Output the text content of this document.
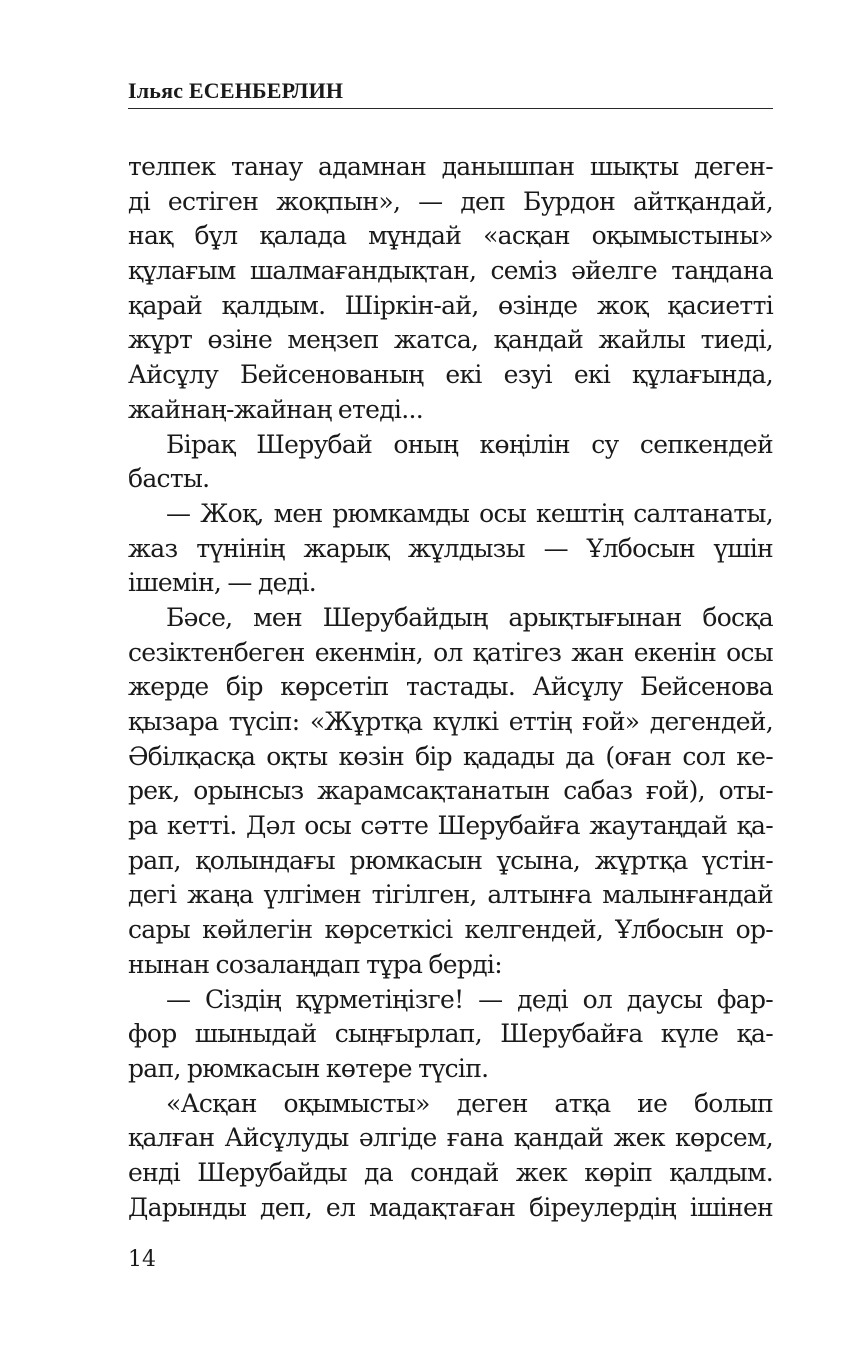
Ільяс ЕСЕНБЕРЛИН
телпек танау адамнан данышпан шықты деген-
ді естіген жоқпын», — деп Бурдон айтқандай,
нақ бұл қалада мұндай «асқан оқымыстыны»
құлағым шалмағандықтан, семіз әйелге таңдана
қарай қалдым. Шіркін-ай, өзінде жоқ қасиетті
жұрт өзіне меңзеп жатса, қандай жайлы тиеді,
Айсұлу Бейсенованың екі езуі екі құлағында,
жайнаң-жайнаң етеді...
Бірақ Шерубай оның көңілін су сепкендей
басты.
— Жоқ, мен рюмкамды осы кештің салтанаты,
жаз түнінің жарық жұлдызы — Ұлбосын үшін
ішемін, — деді.
Бәсе, мен Шерубайдың арықтығынан босқа
сезіктенбеген екенмін, ол қатігез жан екенін осы
жерде бір көрсетіп тастады. Айсұлу Бейсенова
қызара түсіп: «Жұртқа күлкі еттің ғой» дегендей,
Әбілқасқа оқты көзін бір қадады да (оған сол ке-
рек, орынсыз жарамсақтанатын сабаз ғой), оты-
ра кетті. Дәл осы сәтте Шерубайға жаутаңдай қа-
рап, қолындағы рюмкасын ұсына, жұртқа үстін-
дегі жаңа үлгімен тігілген, алтынға малынғандай
сары көйлегін көрсеткісі келгендей, Ұлбосын ор-
нынан созалаңдап тұра берді:
— Сіздің құрметіңізге! — деді ол даусы фар-
фор шыныдай сыңғырлап, Шерубайға күле қа-
рап, рюмкасын көтере түсіп.
«Асқан оқымысты» деген атқа ие болып
қалған Айсұлуды әлгіде ғана қандай жек көрсем,
енді Шерубайды да сондай жек көріп қалдым.
Дарынды деп, ел мадақтаған біреулердің ішінен
14
